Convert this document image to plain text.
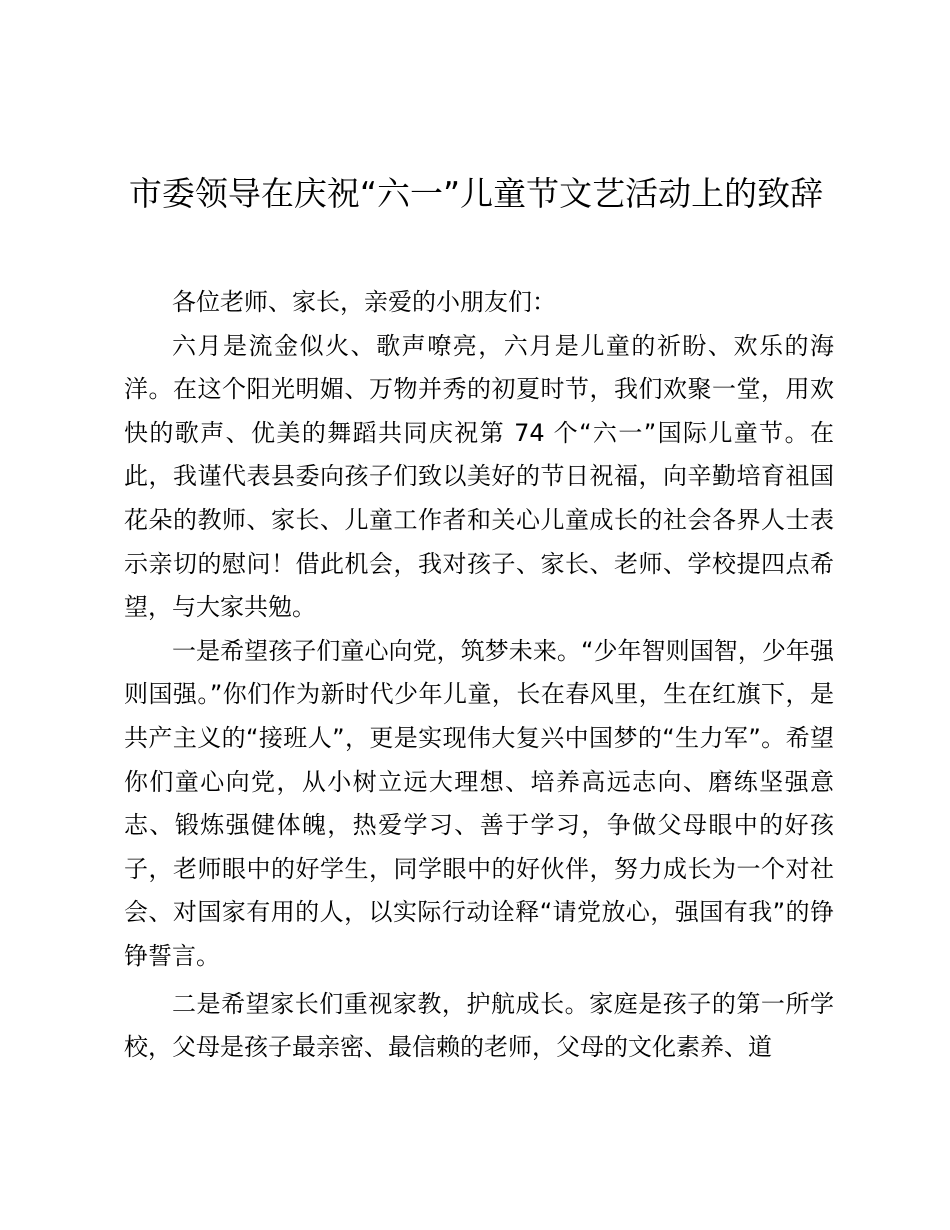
市委领导在庆祝“六一”儿童节文艺活动上的致辞

各位老师、家长，亲爱的小朋友们：

六月是流金似火、歌声嘹亮，六月是儿童的祈盼、欢乐的海洋。在这个阳光明媚、万物并秀的初夏时节，我们欢聚一堂，用欢快的歌声、优美的舞蹈共同庆祝第 74 个“六一”国际儿童节。在此，我谨代表县委向孩子们致以美好的节日祝福，向辛勤培育祖国花朵的教师、家长、儿童工作者和关心儿童成长的社会各界人士表示亲切的慰问！借此机会，我对孩子、家长、老师、学校提四点希望，与大家共勉。

一是希望孩子们童心向党，筑梦未来。“少年智则国智，少年强则国强。”你们作为新时代少年儿童，长在春风里，生在红旗下，是共产主义的“接班人”，更是实现伟大复兴中国梦的“生力军”。希望你们童心向党，从小树立远大理想、培养高远志向、磨练坚强意志、锻炼强健体魄，热爱学习、善于学习，争做父母眼中的好孩子，老师眼中的好学生，同学眼中的好伙伴，努力成长为一个对社会、对国家有用的人，以实际行动诠释“请党放心，强国有我”的铮铮誓言。

二是希望家长们重视家教，护航成长。家庭是孩子的第一所学校，父母是孩子最亲密、最信赖的老师，父母的文化素养、道
